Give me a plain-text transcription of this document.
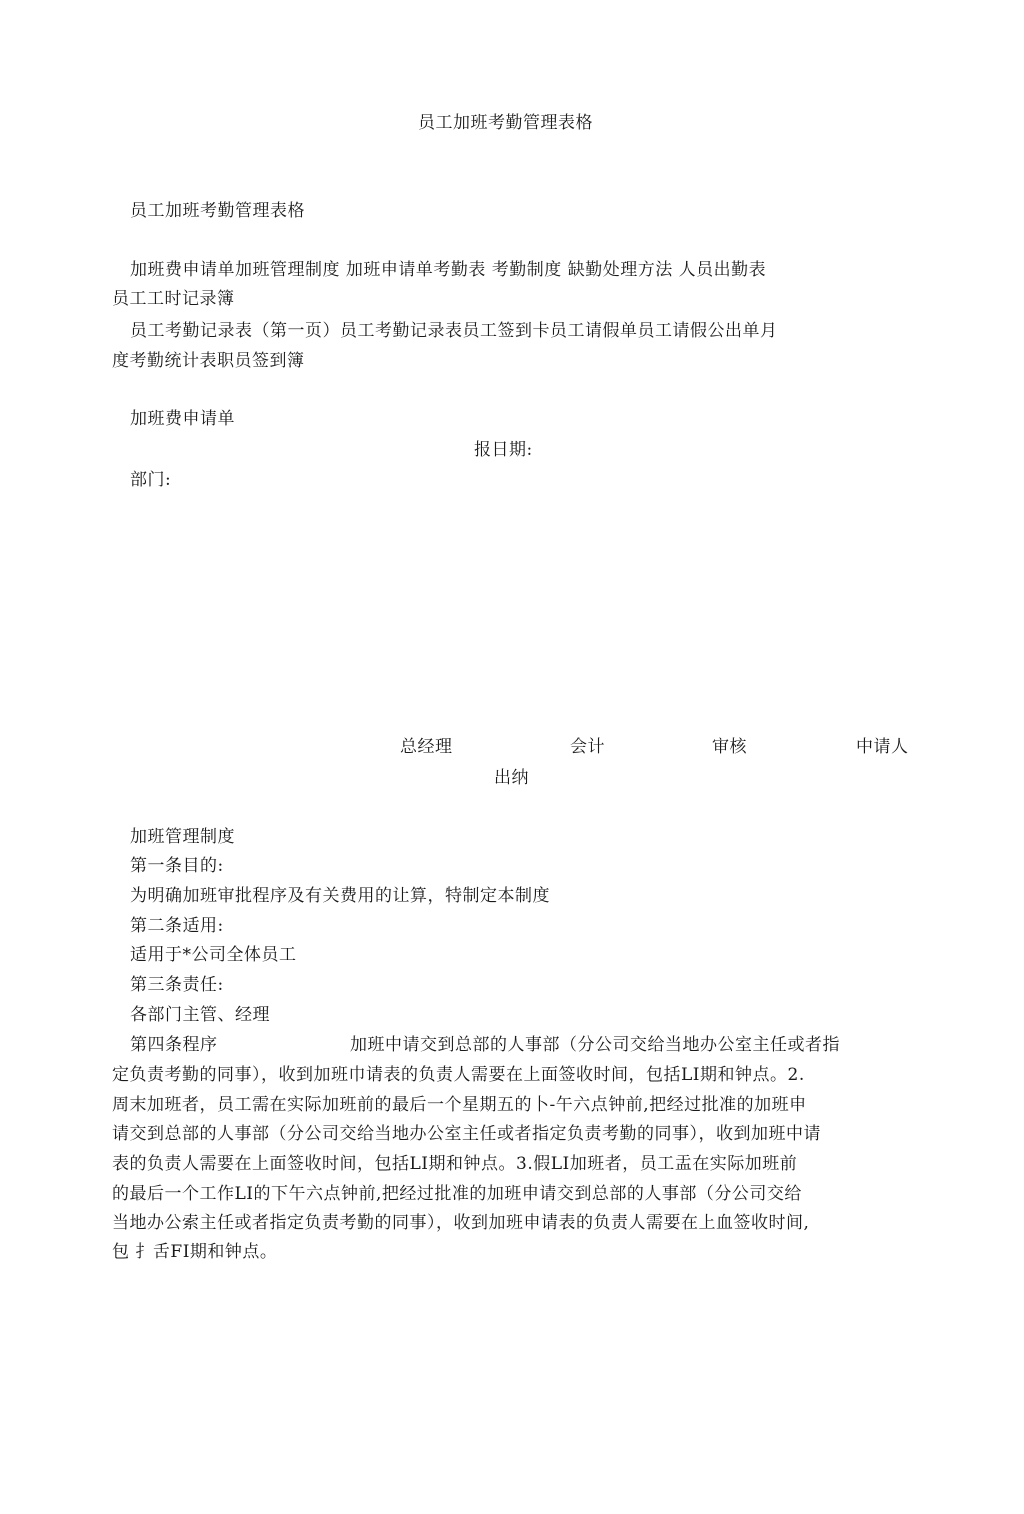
员工加班考勤管理表格
员工加班考勤管理表格
加班费申请单加班管理制度 加班申请单考勤表 考勤制度 缺勤处理方法 人员出勤表
员工工时记录簿
员工考勤记录表（第一页）员工考勤记录表员工签到卡员工请假单员工请假公出单月
度考勤统计表职员签到簿
加班费申请单
报日期:
部门:
总经理	会计	审核	中请人
出纳
加班管理制度
第一条目的:
为明确加班审批程序及有关费用的让算，特制定本制度
第二条适用:
适用于*公司全体员工
第三条责任:
各部门主管、经理
第四条程序	加班中请交到总部的人事部（分公司交给当地办公室主任或者指
定负责考勤的同事），收到加班巾请表的负责人需要在上面签收时间，包括LI期和钟点。2.
周末加班者，员工需在实际加班前的最后一个星期五的卜-午六点钟前,把经过批准的加班申
请交到总部的人事部（分公司交给当地办公室主任或者指定负责考勤的同事），收到加班中请
表的负责人需要在上面签收时间，包括LI期和钟点。3.假LI加班者，员工盂在实际加班前
的最后一个工作LI的下午六点钟前,把经过批准的加班申请交到总部的人事部（分公司交给
当地办公索主任或者指定负责考勤的同事），收到加班申请表的负责人需要在上血签收时间,
包 扌舌FI期和钟点。
